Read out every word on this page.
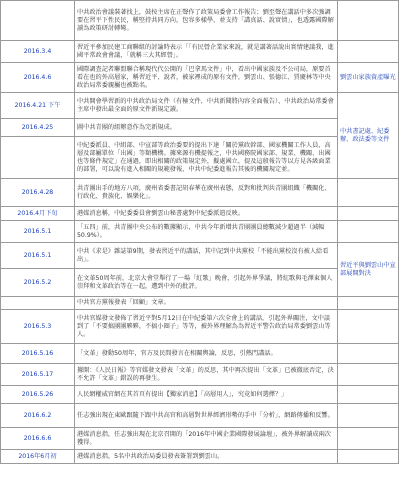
	中共政治會議裝著找上，鼓按主席在正聲作了政策局委會工作報告；劉至聲在講話中多次強調要在習平下性民民，稱堅持共同方向，包容多樣學，並支持「講真話、說實情」，也透露國際解讀為政策研討轉彎。	
2016.3.4	習近平參加民建工商聯組的討論時表示「「有民營企業家來說，就是講著話說出實情建議我，進國平常政會會議，「就稱三大其經營」。	
2016.4.6	國際調查記者聯盟聯合稱現代代公開的「巴拿馬文件」中，看出中國家族及不公司局，原要首看在也的外高層家，稱習近平、說者，被家裡成的原有文件，劉雲山、張德江、賈慶林等中央政治局常委親屬也被點名。	劉雲山家族資產曝光
2016.4.21 下午	中共開會學習新的中共政治局文件（有極文件，中共新聞將內容全面報告），中共政治局常委會主席中發出最全面的原文件新規定讀。	中共書記處、紀委辦、政法委等文件
2016.4.25	圖中共青團的組辦意作為完新規成。	
	中紀委派員、中組部、中宣部等政治委要的提出下達「關於黨政幹部、國家機關工作人員，高層及部屬單位「出國」等類機構。據來源有機提報之，中共國務院國家部、規業、機關、出國也等條件規定」在通過，即出相關的政策規定外，擬處國立，提及這般報告等以方見各級面業的部署，可以說有進入相關的規範發報，中共中紀委進報告其後的機關規定並。	
2016.4.28	共青團出手的地方八項，廣州省委書記胡春華在廣州表態，反對和批判共青團組織「機關化、行政化、貴族化、娛樂化」。	
2016.4月下旬	港媒消息稱，中紀委委員會劉雲山秘書處對中紀委派遣反映。	
2016.5.1	「五四」前，共青團中央公布的數據顯示，中共今年新增共青團團員總數減少超過半（減幅50.9%）。	
2016.5.1	中共《求是》雜誌第9期，發表習近平的講話，其中記到中共黨校「不能出黨校沒有被人給看出」。	習近平與劉雲山中宣部展開對決
2016.5.2	在文革50周年前，北京大會堂舉行了一場「紅歌」晚會，引起外界爭議，將紅歌與毛澤東個人崇拜和文革政治等在一起，遭到中外的批評。	
	中共官方黨報發表「回顧」文章。	
2016.5.3	中共官媒發文發佈了習近平對5月12日在中紀委第六次全會上的講話，引起外界關注，文中談到了「不要搞團團夥夥，不搞小圈子」等等，被外界理解為為習近平警告政治局常委劉雲山等人。	
2016.5.16	「文革」發動50周年，官方及民間發言在相關輿論，反思，引熱門講話。	
2016.5.17	據開：《人民日報》等官媒發文發表「文革」的反思，其中再次提出「文革」已被徹底否定，決不允許「文革」錯誤的再發生。	
2016.5.26	人民網權威官網在其首頁有提出【獨家消息】「高層用人」，究竟如何選擇？」	
2016.6.2	任志強出現在東歐跟隨下跟中共高官和高層對世界經濟形勢的手中「分析」，網路傳播和反響。	
2016.6.6	港媒消息指，任志強出現在北京召開的「2016年中國企業國際發展論壇」，被外界解讀成兩次獲得。	
2016年6月初	港媒消息指，5名中共政治局委員發表簽署到劉雲山。	
